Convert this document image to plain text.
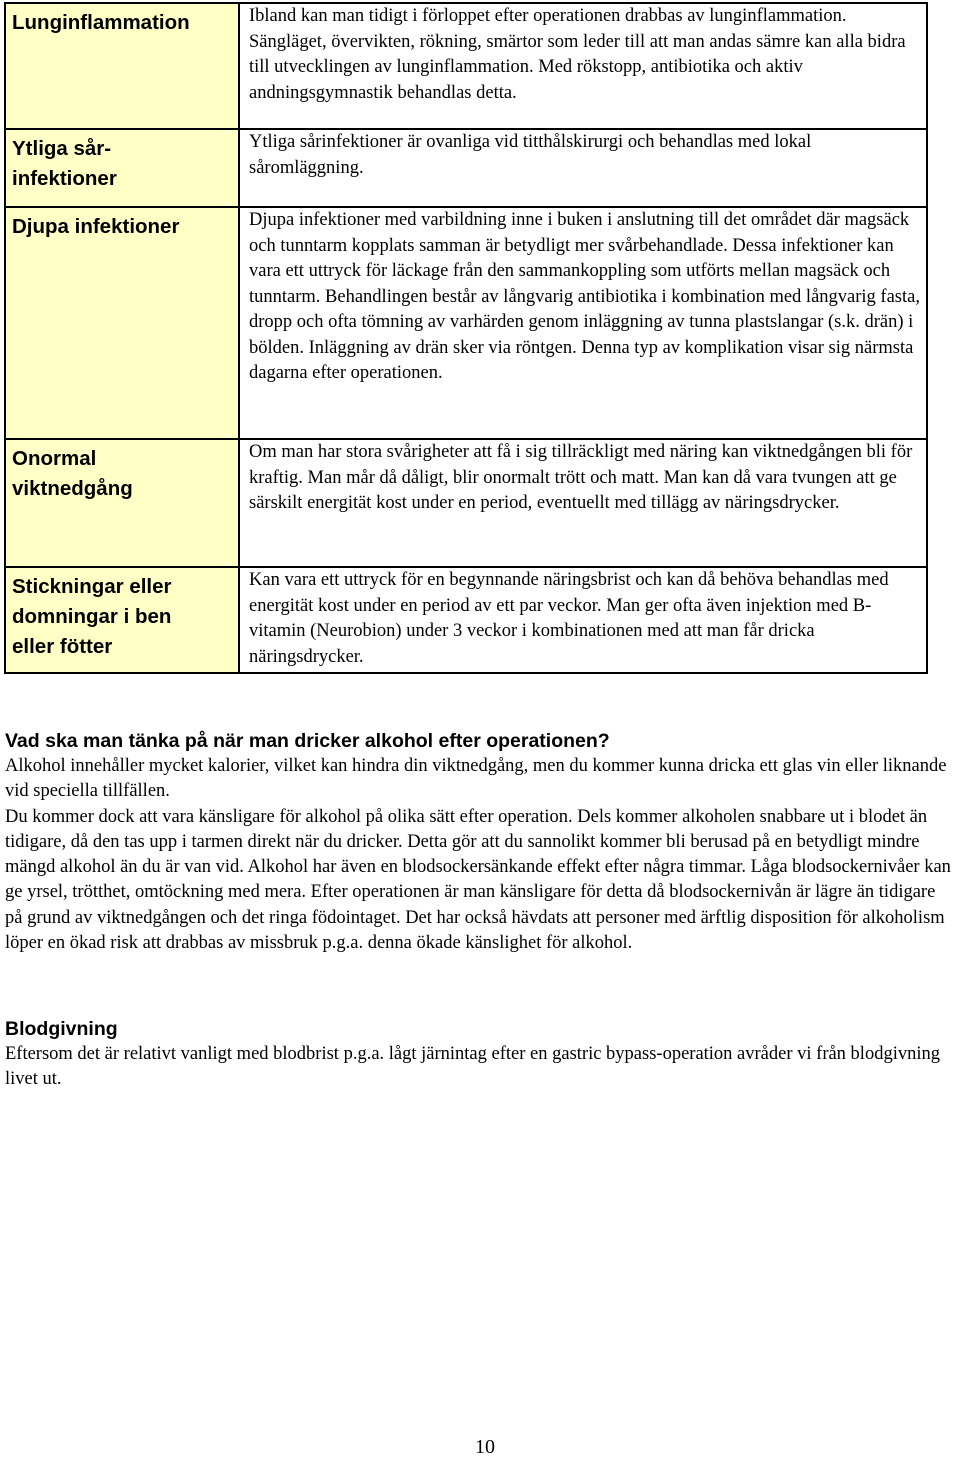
Lunginflammation	Ibland kan man tidigt i förloppet efter operationen drabbas av lunginflammation. Sängläget, övervikten, rökning, smärtor som leder till att man andas sämre kan alla bidra till utvecklingen av lunginflammation. Med rökstopp, antibiotika och aktiv andningsgymnastik behandlas detta.

Ytliga sår-infektioner	Ytliga sårinfektioner är ovanliga vid titthålskirurgi och behandlas med lokal såromläggning.

Djupa infektioner	Djupa infektioner med varbildning inne i buken i anslutning till det området där magsäck och tunntarm kopplats samman är betydligt mer svårbehandlade. Dessa infektioner kan vara ett uttryck för läckage från den sammankoppling som utförts mellan magsäck och tunntarm. Behandlingen består av långvarig antibiotika i kombination med långvarig fasta, dropp och ofta tömning av varhärden genom inläggning av tunna plastslangar (s.k. drän) i bölden. Inläggning av drän sker via röntgen. Denna typ av komplikation visar sig närmsta dagarna efter operationen.

Onormal viktnedgång	Om man har stora svårigheter att få i sig tillräckligt med näring kan viktnedgången bli för kraftig. Man mår då dåligt, blir onormalt trött och matt. Man kan då vara tvungen att ge särskilt energität kost under en period, eventuellt med tillägg av näringsdrycker.

Stickningar eller domningar i ben eller fötter	Kan vara ett uttryck för en begynnande näringsbrist och kan då behöva behandlas med energität kost under en period av ett par veckor. Man ger ofta även injektion med B-vitamin (Neurobion) under 3 veckor i kombinationen med att man får dricka näringsdrycker.
Vad ska man tänka på när man dricker alkohol efter operationen?

Alkohol innehåller mycket kalorier, vilket kan hindra din viktnedgång, men du kommer kunna dricka ett glas vin eller liknande vid speciella tillfällen.

Du kommer dock att vara känsligare för alkohol på olika sätt efter operation. Dels kommer alkoholen snabbare ut i blodet än tidigare, då den tas upp i tarmen direkt när du dricker. Detta gör att du sannolikt kommer bli berusad på en betydligt mindre mängd alkohol än du är van vid. Alkohol har även en blodsockersänkande effekt efter några timmar. Låga blodsockernivåer kan ge yrsel, trötthet, omtöckning med mera. Efter operationen är man känsligare för detta då blodsockernivån är lägre än tidigare på grund av viktnedgången och det ringa födointaget. Det har också hävdats att personer med ärftlig disposition för alkoholism löper en ökad risk att drabbas av missbruk p.g.a. denna ökade känslighet för alkohol.

Blodgivning

Eftersom det är relativt vanligt med blodbrist p.g.a. lågt järnintag efter en gastric bypass-operation avråder vi från blodgivning livet ut.

10
